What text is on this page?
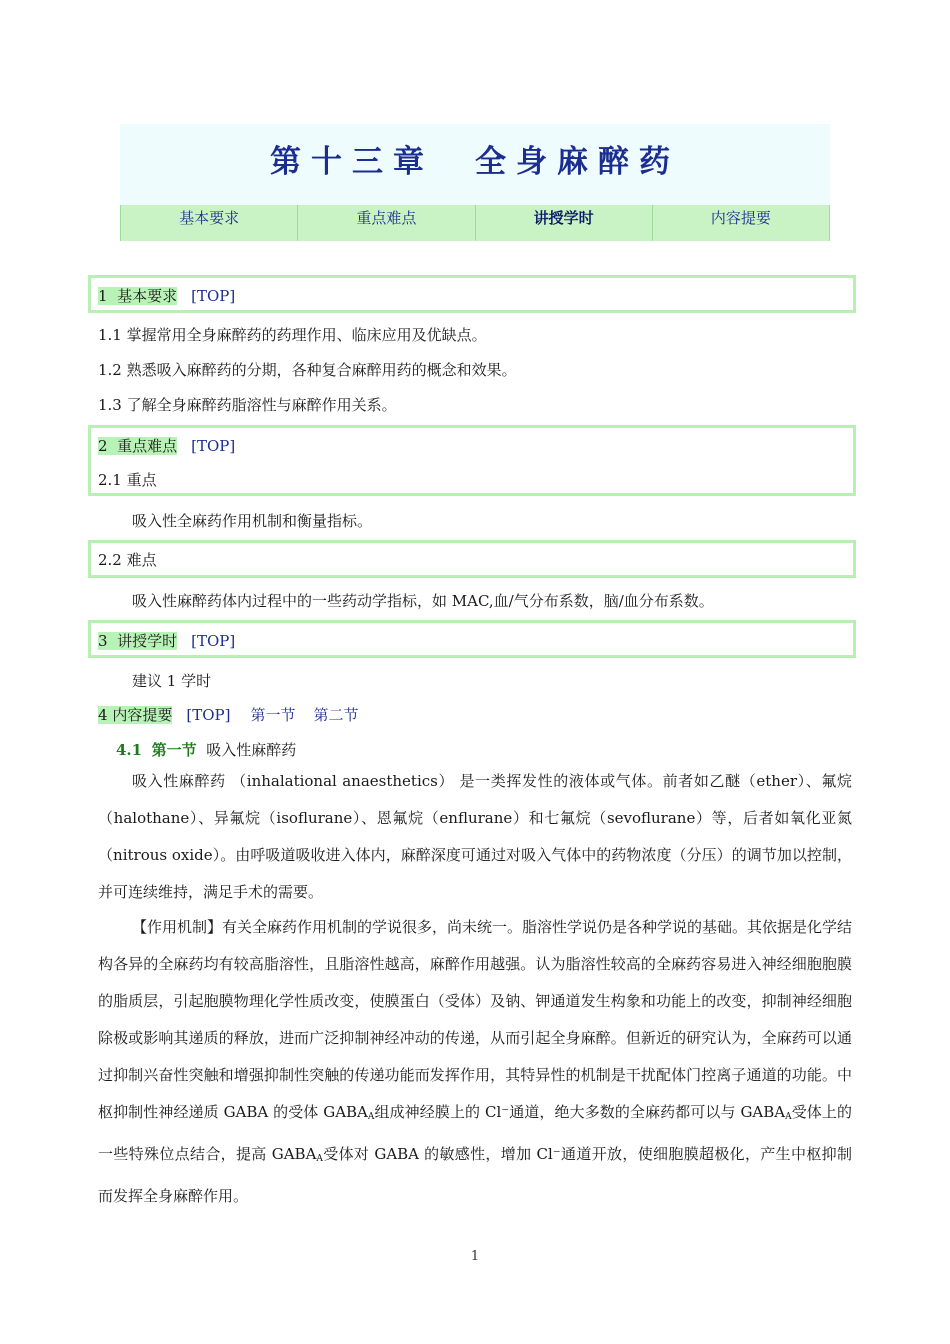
第十三章　全身麻醉药
基本要求	重点难点	讲授学时	内容提要
1 基本要求 [TOP]
1.1 掌握常用全身麻醉药的药理作用、临床应用及优缺点。
1.2 熟悉吸入麻醉药的分期，各种复合麻醉用药的概念和效果。
1.3 了解全身麻醉药脂溶性与麻醉作用关系。
2 重点难点 [TOP]
2.1 重点
吸入性全麻药作用机制和衡量指标。
2.2 难点
吸入性麻醉药体内过程中的一些药动学指标，如 MAC,血/气分布系数，脑/血分布系数。
3 讲授学时 [TOP]
建议 1 学时
4 内容提要 [TOP] 第一节 第二节
4.1 第一节 吸入性麻醉药
吸入性麻醉药 （inhalational anaesthetics） 是一类挥发性的液体或气体。前者如乙醚（ether）、氟烷（halothane）、异氟烷（isoflurane）、恩氟烷（enflurane）和七氟烷（sevoflurane）等，后者如氧化亚氮（nitrous oxide）。由呼吸道吸收进入体内，麻醉深度可通过对吸入气体中的药物浓度（分压）的调节加以控制，并可连续维持，满足手术的需要。
【作用机制】有关全麻药作用机制的学说很多，尚未统一。脂溶性学说仍是各种学说的基础。其依据是化学结构各异的全麻药均有较高脂溶性，且脂溶性越高，麻醉作用越强。认为脂溶性较高的全麻药容易进入神经细胞胞膜的脂质层，引起胞膜物理化学性质改变，使膜蛋白（受体）及钠、钾通道发生构象和功能上的改变，抑制神经细胞除极或影响其递质的释放，进而广泛抑制神经冲动的传递，从而引起全身麻醉。但新近的研究认为，全麻药可以通过抑制兴奋性突触和增强抑制性突触的传递功能而发挥作用，其特异性的机制是干扰配体门控离子通道的功能。中枢抑制性神经递质 GABA 的受体 $GABA_A$组成神经膜上的 Cl⁻通道，绝大多数的全麻药都可以与 $GABA_A$受体上的一些特殊位点结合，提高 $GABA_A$受体对 GABA 的敏感性，增加 Cl⁻通道开放，使细胞膜超极化，产生中枢抑制而发挥全身麻醉作用。
1
